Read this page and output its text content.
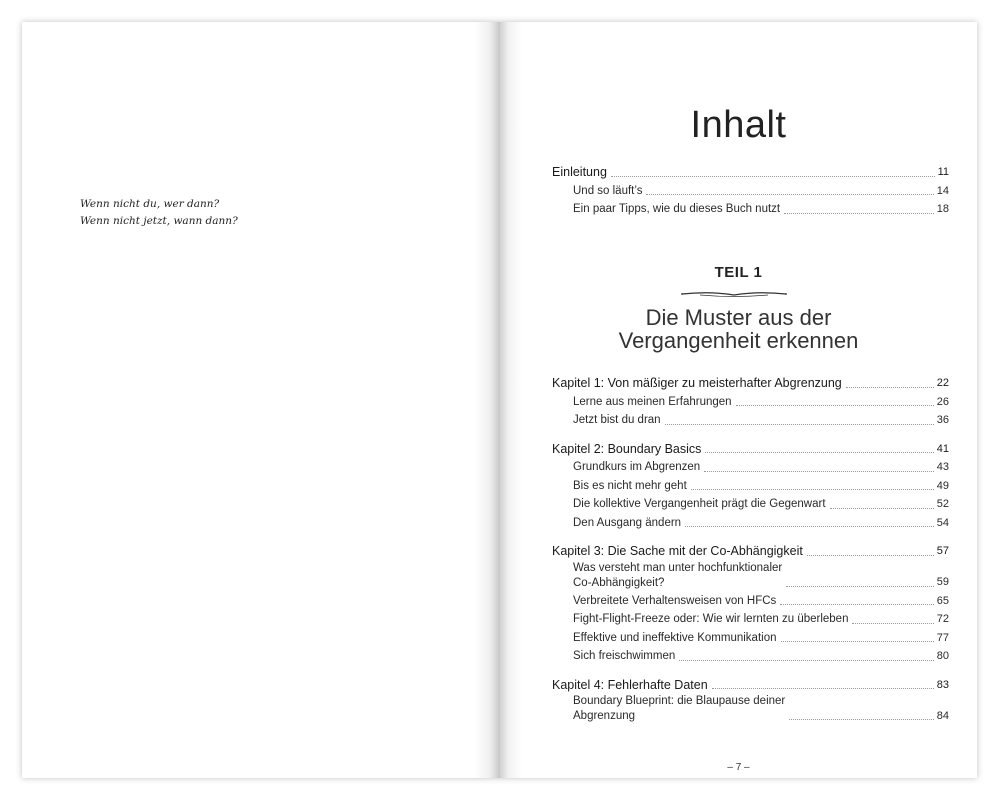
Wenn nicht du, wer dann?
Wenn nicht jetzt, wann dann?
Inhalt
Einleitung	11
Und so läuft’s	14
Ein paar Tipps, wie du dieses Buch nutzt	18
TEIL 1
Die Muster aus der
Vergangenheit erkennen
Kapitel 1: Von mäßiger zu meisterhafter Abgrenzung	22
Lerne aus meinen Erfahrungen	26
Jetzt bist du dran	36
Kapitel 2: Boundary Basics	41
Grundkurs im Abgrenzen	43
Bis es nicht mehr geht	49
Die kollektive Vergangenheit prägt die Gegenwart	52
Den Ausgang ändern	54
Kapitel 3: Die Sache mit der Co-Abhängigkeit	57
Was versteht man unter hochfunktionaler
Co-Abhängigkeit?	59
Verbreitete Verhaltensweisen von HFCs	65
Fight-Flight-Freeze oder: Wie wir lernten zu überleben	72
Effektive und ineffektive Kommunikation	77
Sich freischwimmen	80
Kapitel 4: Fehlerhafte Daten	83
Boundary Blueprint: die Blaupause deiner
Abgrenzung	84
– 7 –
